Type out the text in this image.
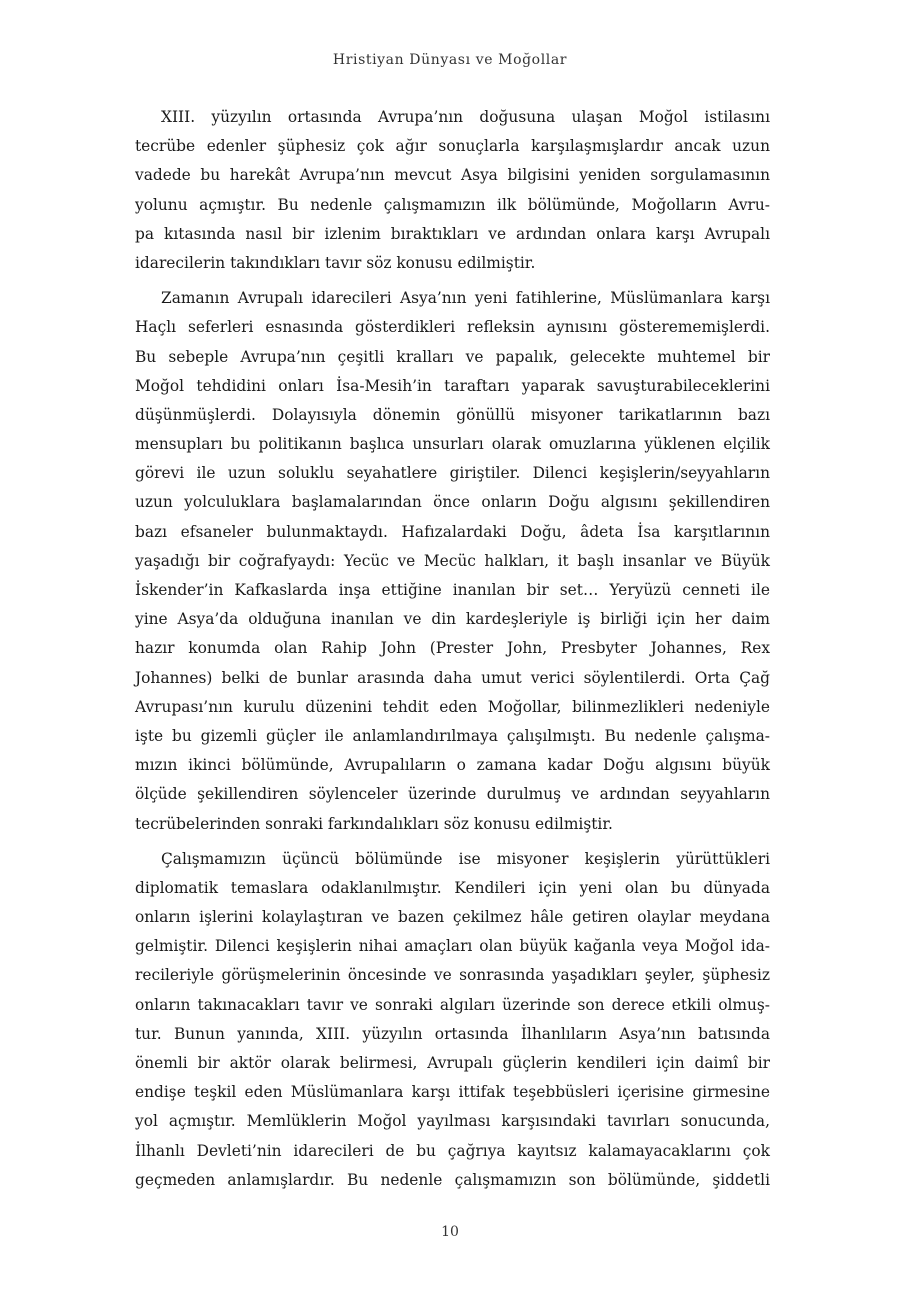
Hristiyan Dünyası ve Moğollar
XIII. yüzyılın ortasında Avrupa’nın doğusuna ulaşan Moğol istilasını
tecrübe edenler şüphesiz çok ağır sonuçlarla karşılaşmışlardır ancak uzun
vadede bu harekât Avrupa’nın mevcut Asya bilgisini yeniden sorgulamasının
yolunu açmıştır. Bu nedenle çalışmamızın ilk bölümünde, Moğolların Avru-
pa kıtasında nasıl bir izlenim bıraktıkları ve ardından onlara karşı Avrupalı
idarecilerin takındıkları tavır söz konusu edilmiştir.
Zamanın Avrupalı idarecileri Asya’nın yeni fatihlerine, Müslümanlara karşı
Haçlı seferleri esnasında gösterdikleri refleksin aynısını gösterememişlerdi.
Bu sebeple Avrupa’nın çeşitli kralları ve papalık, gelecekte muhtemel bir
Moğol tehdidini onları İsa-Mesih’in taraftarı yaparak savuşturabileceklerini
düşünmüşlerdi. Dolayısıyla dönemin gönüllü misyoner tarikatlarının bazı
mensupları bu politikanın başlıca unsurları olarak omuzlarına yüklenen elçilik
görevi ile uzun soluklu seyahatlere giriştiler. Dilenci keşişlerin/seyyahların
uzun yolculuklara başlamalarından önce onların Doğu algısını şekillendiren
bazı efsaneler bulunmaktaydı. Hafızalardaki Doğu, âdeta İsa karşıtlarının
yaşadığı bir coğrafyaydı: Yecüc ve Mecüc halkları, it başlı insanlar ve Büyük
İskender’in Kafkaslarda inşa ettiğine inanılan bir set… Yeryüzü cenneti ile
yine Asya’da olduğuna inanılan ve din kardeşleriyle iş birliği için her daim
hazır konumda olan Rahip John (Prester John, Presbyter Johannes, Rex
Johannes) belki de bunlar arasında daha umut verici söylentilerdi. Orta Çağ
Avrupası’nın kurulu düzenini tehdit eden Moğollar, bilinmezlikleri nedeniyle
işte bu gizemli güçler ile anlamlandırılmaya çalışılmıştı. Bu nedenle çalışma-
mızın ikinci bölümünde, Avrupalıların o zamana kadar Doğu algısını büyük
ölçüde şekillendiren söylenceler üzerinde durulmuş ve ardından seyyahların
tecrübelerinden sonraki farkındalıkları söz konusu edilmiştir.
Çalışmamızın üçüncü bölümünde ise misyoner keşişlerin yürüttükleri
diplomatik temaslara odaklanılmıştır. Kendileri için yeni olan bu dünyada
onların işlerini kolaylaştıran ve bazen çekilmez hâle getiren olaylar meydana
gelmiştir. Dilenci keşişlerin nihai amaçları olan büyük kağanla veya Moğol ida-
recileriyle görüşmelerinin öncesinde ve sonrasında yaşadıkları şeyler, şüphesiz
onların takınacakları tavır ve sonraki algıları üzerinde son derece etkili olmuş-
tur. Bunun yanında, XIII. yüzyılın ortasında İlhanlıların Asya’nın batısında
önemli bir aktör olarak belirmesi, Avrupalı güçlerin kendileri için daimî bir
endişe teşkil eden Müslümanlara karşı ittifak teşebbüsleri içerisine girmesine
yol açmıştır. Memlüklerin Moğol yayılması karşısındaki tavırları sonucunda,
İlhanlı Devleti’nin idarecileri de bu çağrıya kayıtsız kalamayacaklarını çok
geçmeden anlamışlardır. Bu nedenle çalışmamızın son bölümünde, şiddetli
10
